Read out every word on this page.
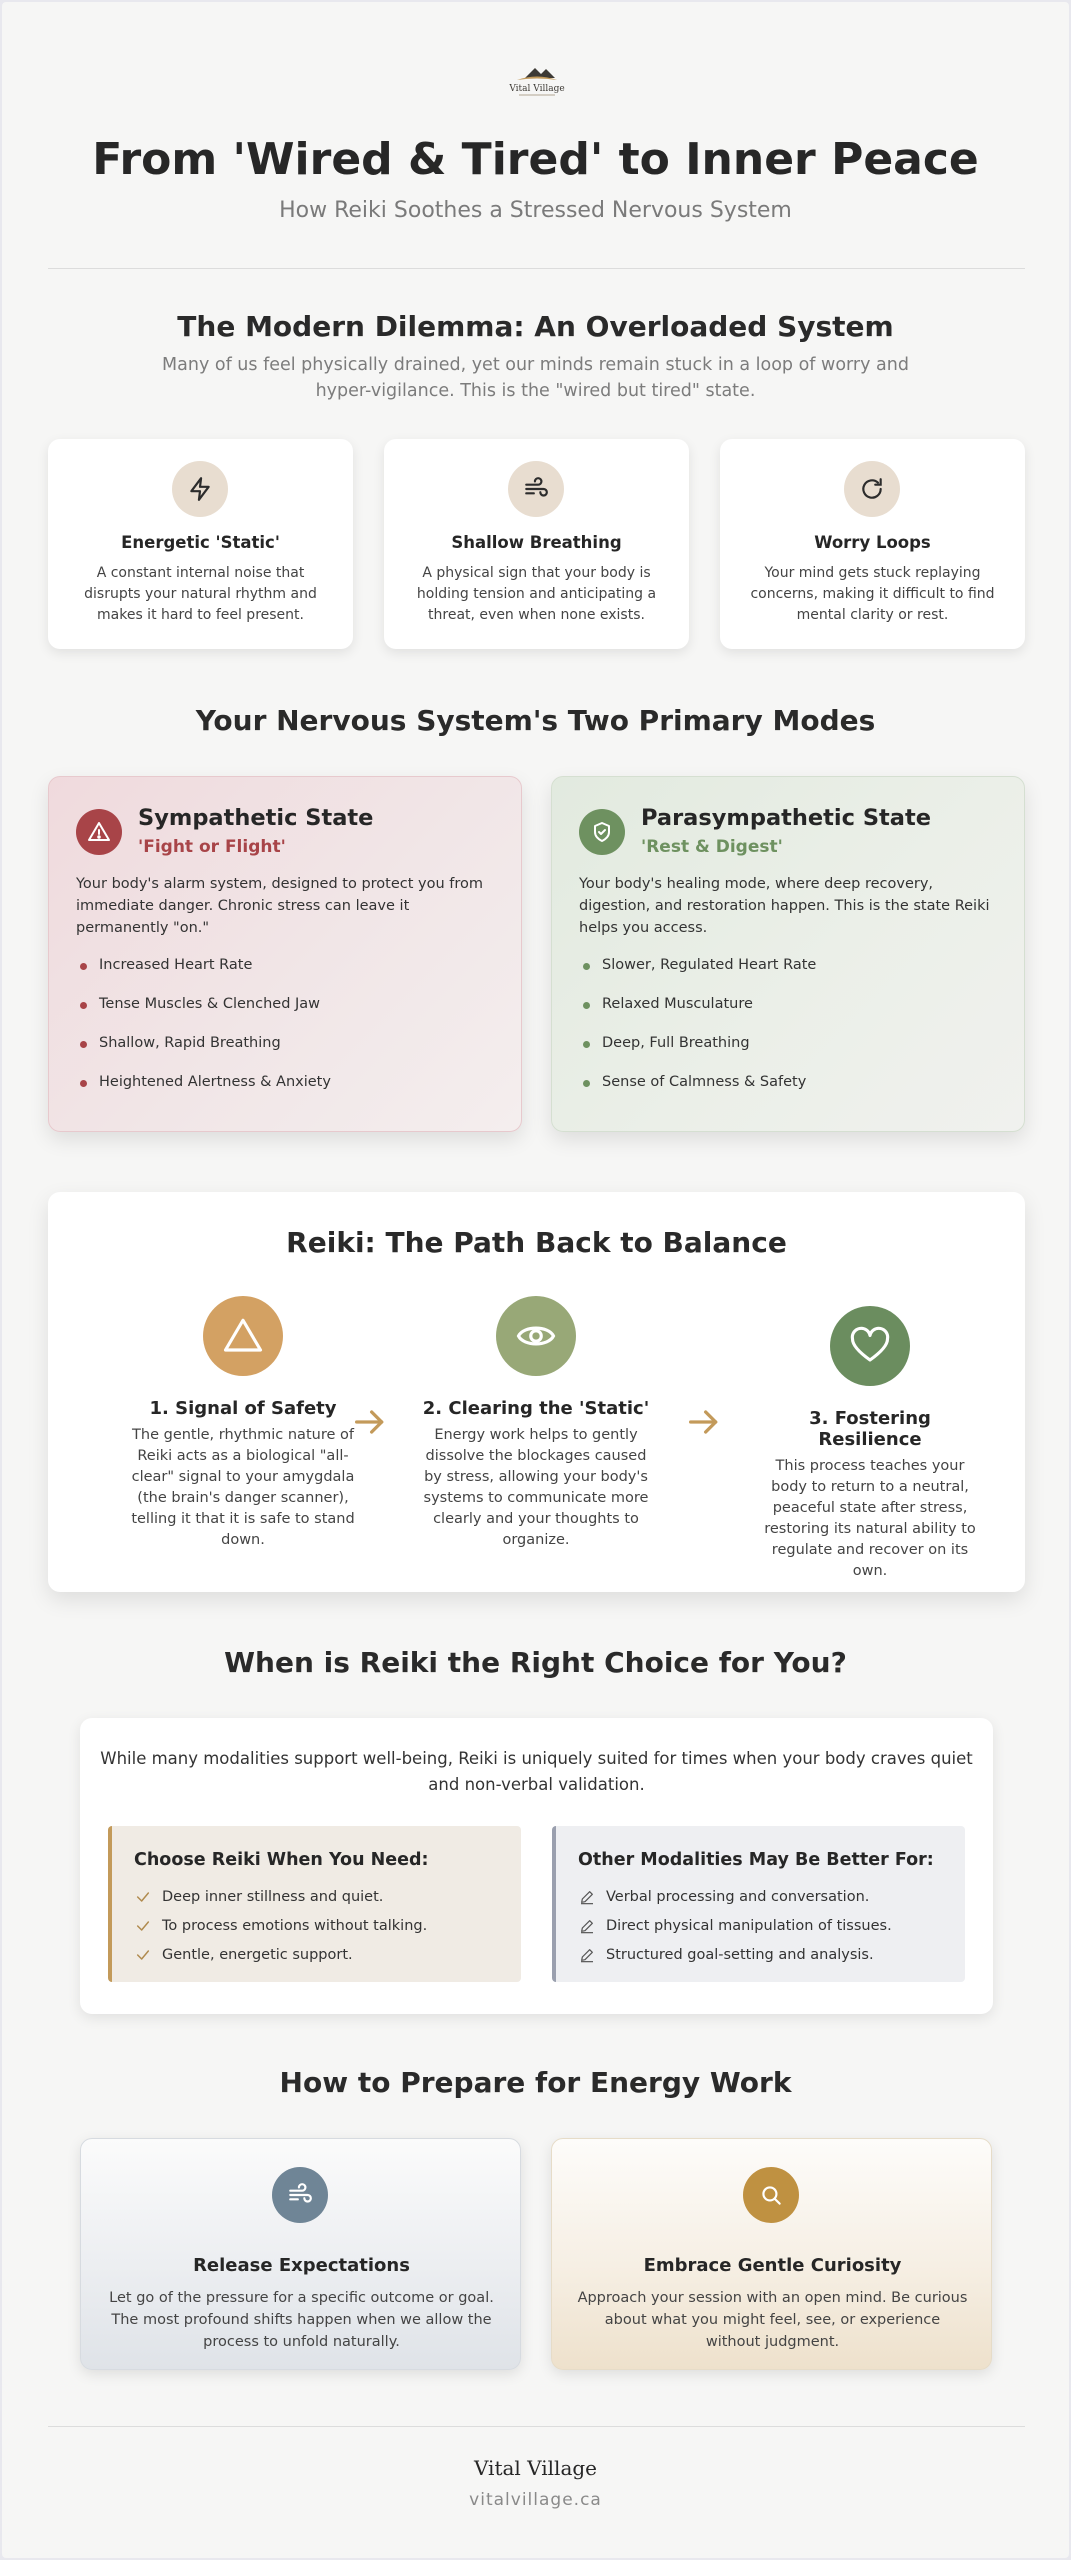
Vital Village
From 'Wired & Tired' to Inner Peace
How Reiki Soothes a Stressed Nervous System
The Modern Dilemma: An Overloaded System
Many of us feel physically drained, yet our minds remain stuck in a loop of worry and hyper-vigilance. This is the "wired but tired" state.
Energetic 'Static'
A constant internal noise that disrupts your natural rhythm and makes it hard to feel present.
Shallow Breathing
A physical sign that your body is holding tension and anticipating a threat, even when none exists.
Worry Loops
Your mind gets stuck replaying concerns, making it difficult to find mental clarity or rest.
Your Nervous System's Two Primary Modes
Sympathetic State
'Fight or Flight'
Your body's alarm system, designed to protect you from immediate danger. Chronic stress can leave it permanently "on."
Increased Heart Rate
Tense Muscles & Clenched Jaw
Shallow, Rapid Breathing
Heightened Alertness & Anxiety
Parasympathetic State
'Rest & Digest'
Your body's healing mode, where deep recovery, digestion, and restoration happen. This is the state Reiki helps you access.
Slower, Regulated Heart Rate
Relaxed Musculature
Deep, Full Breathing
Sense of Calmness & Safety
Reiki: The Path Back to Balance
1. Signal of Safety
The gentle, rhythmic nature of Reiki acts as a biological "all-clear" signal to your amygdala (the brain's danger scanner), telling it that it is safe to stand down.
2. Clearing the 'Static'
Energy work helps to gently dissolve the blockages caused by stress, allowing your body's systems to communicate more clearly and your thoughts to organize.
3. Fostering Resilience
This process teaches your body to return to a neutral, peaceful state after stress, restoring its natural ability to regulate and recover on its own.
When is Reiki the Right Choice for You?
While many modalities support well-being, Reiki is uniquely suited for times when your body craves quiet and non-verbal validation.
Choose Reiki When You Need:
Deep inner stillness and quiet.
To process emotions without talking.
Gentle, energetic support.
Other Modalities May Be Better For:
Verbal processing and conversation.
Direct physical manipulation of tissues.
Structured goal-setting and analysis.
How to Prepare for Energy Work
Release Expectations
Let go of the pressure for a specific outcome or goal. The most profound shifts happen when we allow the process to unfold naturally.
Embrace Gentle Curiosity
Approach your session with an open mind. Be curious about what you might feel, see, or experience without judgment.
Vital Village
vitalvillage.ca
